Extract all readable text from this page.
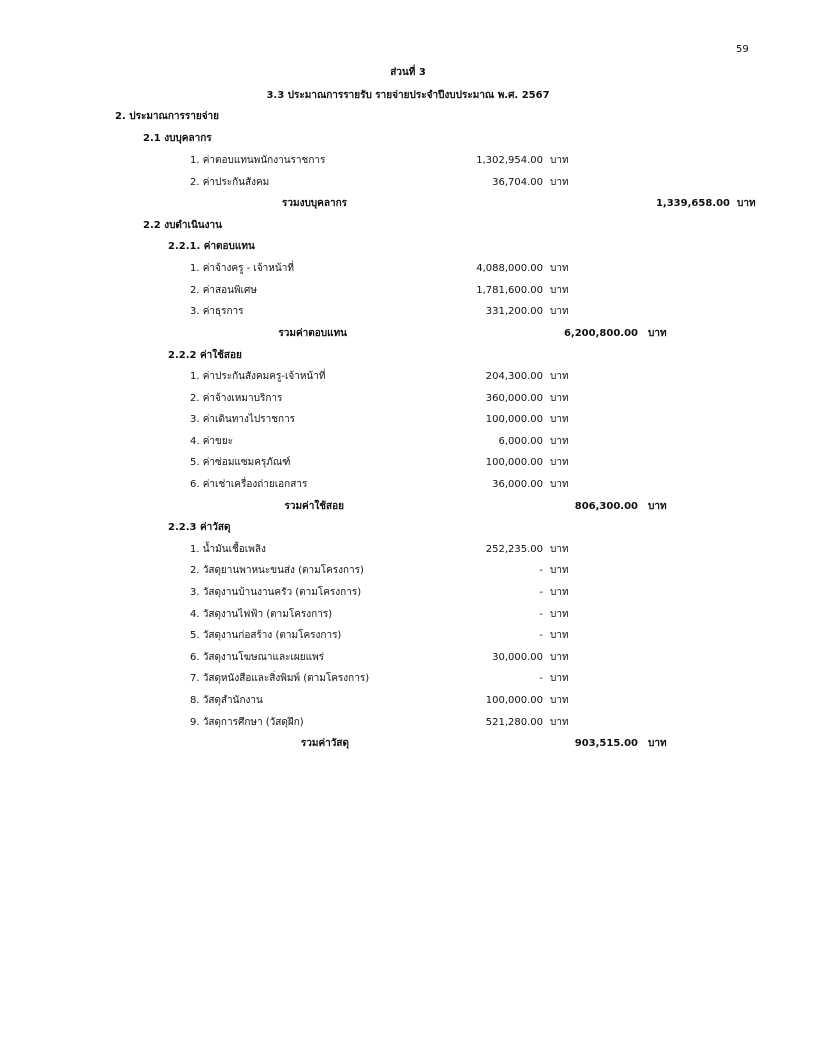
59
ส่วนที่ 3
3.3 ประมาณการรายรับ รายจ่ายประจำปีงบประมาณ พ.ศ. 2567
2. ประมาณการรายจ่าย
2.1 งบบุคลากร
1. ค่าตอบแทนพนักงานราชการ	1,302,954.00 บาท
2. ค่าประกันสังคม	36,704.00 บาท
รวมงบบุคลากร	1,339,658.00 บาท
2.2 งบดำเนินงาน
2.2.1. ค่าตอบแทน
1. ค่าจ้างครู - เจ้าหน้าที่	4,088,000.00 บาท
2. ค่าสอนพิเศษ	1,781,600.00 บาท
3. ค่าธุรการ	331,200.00 บาท
รวมค่าตอบแทน	6,200,800.00 บาท
2.2.2 ค่าใช้สอย
1. ค่าประกันสังคมครู-เจ้าหน้าที่	204,300.00 บาท
2. ค่าจ้างเหมาบริการ	360,000.00 บาท
3. ค่าเดินทางไปราชการ	100,000.00 บาท
4. ค่าขยะ	6,000.00 บาท
5. ค่าซ่อมแซมครุภัณฑ์	100,000.00 บาท
6. ค่าเช่าเครื่องถ่ายเอกสาร	36,000.00 บาท
รวมค่าใช้สอย	806,300.00 บาท
2.2.3 ค่าวัสดุ
1. น้ำมันเชื้อเพลิง	252,235.00 บาท
2. วัสดุยานพาหนะขนส่ง (ตามโครงการ)	- บาท
3. วัสดุงานบ้านงานครัว (ตามโครงการ)	- บาท
4. วัสดุงานไฟฟ้า (ตามโครงการ)	- บาท
5. วัสดุงานก่อสร้าง (ตามโครงการ)	- บาท
6. วัสดุงานโฆษณาและเผยแพร่	30,000.00 บาท
7. วัสดุหนังสือและสิ่งพิมพ์ (ตามโครงการ)	- บาท
8. วัสดุสำนักงาน	100,000.00 บาท
9. วัสดุการศึกษา (วัสดุฝึก)	521,280.00 บาท
รวมค่าวัสดุ	903,515.00 บาท
